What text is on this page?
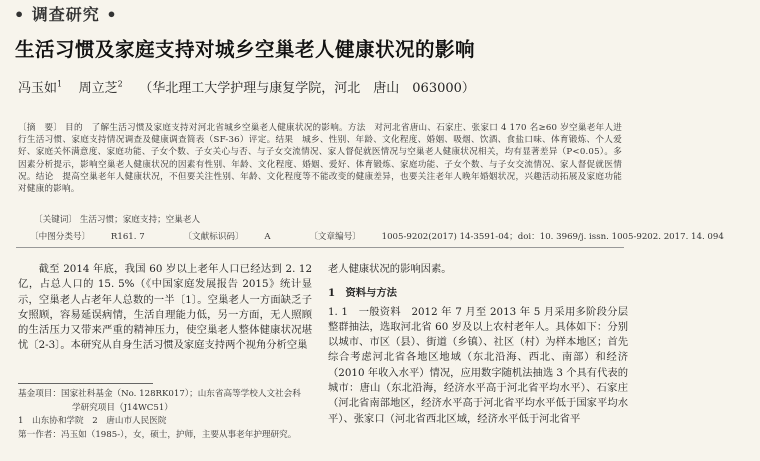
• 调查研究 •
生活习惯及家庭支持对城乡空巢老人健康状况的影响
冯玉如$^1$ 周立芝$^2$ （华北理工大学护理与康复学院，河北　唐山　063000）
〔摘　要〕 目的　了解生活习惯及家庭支持对河北省城乡空巢老人健康状况的影响。方法　对河北省唐山、石家庄、张家口 4 170 名≥60 岁空巢老年人进行生活习惯、家庭支持情况调查及健康调查简表（SF-36）评定。结果　城乡、性别、年龄、文化程度、婚姻、吸烟、饮酒、食盐口味、体育锻炼、个人爱好、家庭关怀满意度、家庭功能、子女个数、子女关心与否、与子女交流情况、家人督促就医情况与空巢老人健康状况相关，均有显著差异（P<0.05）。多因素分析提示，影响空巢老人健康状况的因素有性别、年龄、文化程度、婚姻、爱好、体育锻炼、家庭功能、子女个数、与子女交流情况、家人督促就医情况。结论　提高空巢老年人健康状况，不但要关注性别、年龄、文化程度等不能改变的健康差异，也要关注老年人晚年婚姻状况，兴趣活动拓展及家庭功能对健康的影响。
〔关键词〕 生活习惯；家庭支持；空巢老人
〔中图分类号〕 R161. 7	〔文献标识码〕 A	〔文章编号〕 1005-9202(2017) 14-3591-04；doi：10. 3969/j. issn. 1005-9202. 2017. 14. 094

截至 2014 年底，我国 60 岁以上老年人口已经达到 2. 12 亿，占总人口的 15. 5%（《中国家庭发展报告 2015》统计显示，空巢老人占老年人总数的一半〔1〕。空巢老人一方面缺乏子女照顾，容易延误病情，生活自理能力低，另一方面，无人照顾的生活压力又带来严重的精神压力，使空巢老人整体健康状况堪忧〔2-3〕。本研究从自身生活习惯及家庭支持两个视角分析空巢

老人健康状况的影响因素。

1　资料与方法

1. 1　一般资料　2012 年 7 月至 2013 年 5 月采用多阶段分层整群抽法，选取河北省 60 岁及以上农村老年人。具体如下：分别以城市、市区（县）、街道（乡镇）、社区（村）为样本地区；首先综合考虑河北省各地区地域（东北沿海、西北、南部）和经济（2010 年收入水平）情况，应用数字随机法抽选 3 个具有代表的城市：唐山（东北沿海，经济水平高于河北省平均水平）、石家庄（河北省南部地区，经济水平高于河北省平均水平低于国家平均水平）、张家口（河北省西北区域，经济水平低于河北省平

基金项目：国家社科基金（No. 128RK017）；山东省高等学校人文社会科
学研究项目（J14WC51）
1　山东协和学院　2　唐山市人民医院
第一作者：冯玉如（1985-），女，硕士，护师，主要从事老年护理研究。
